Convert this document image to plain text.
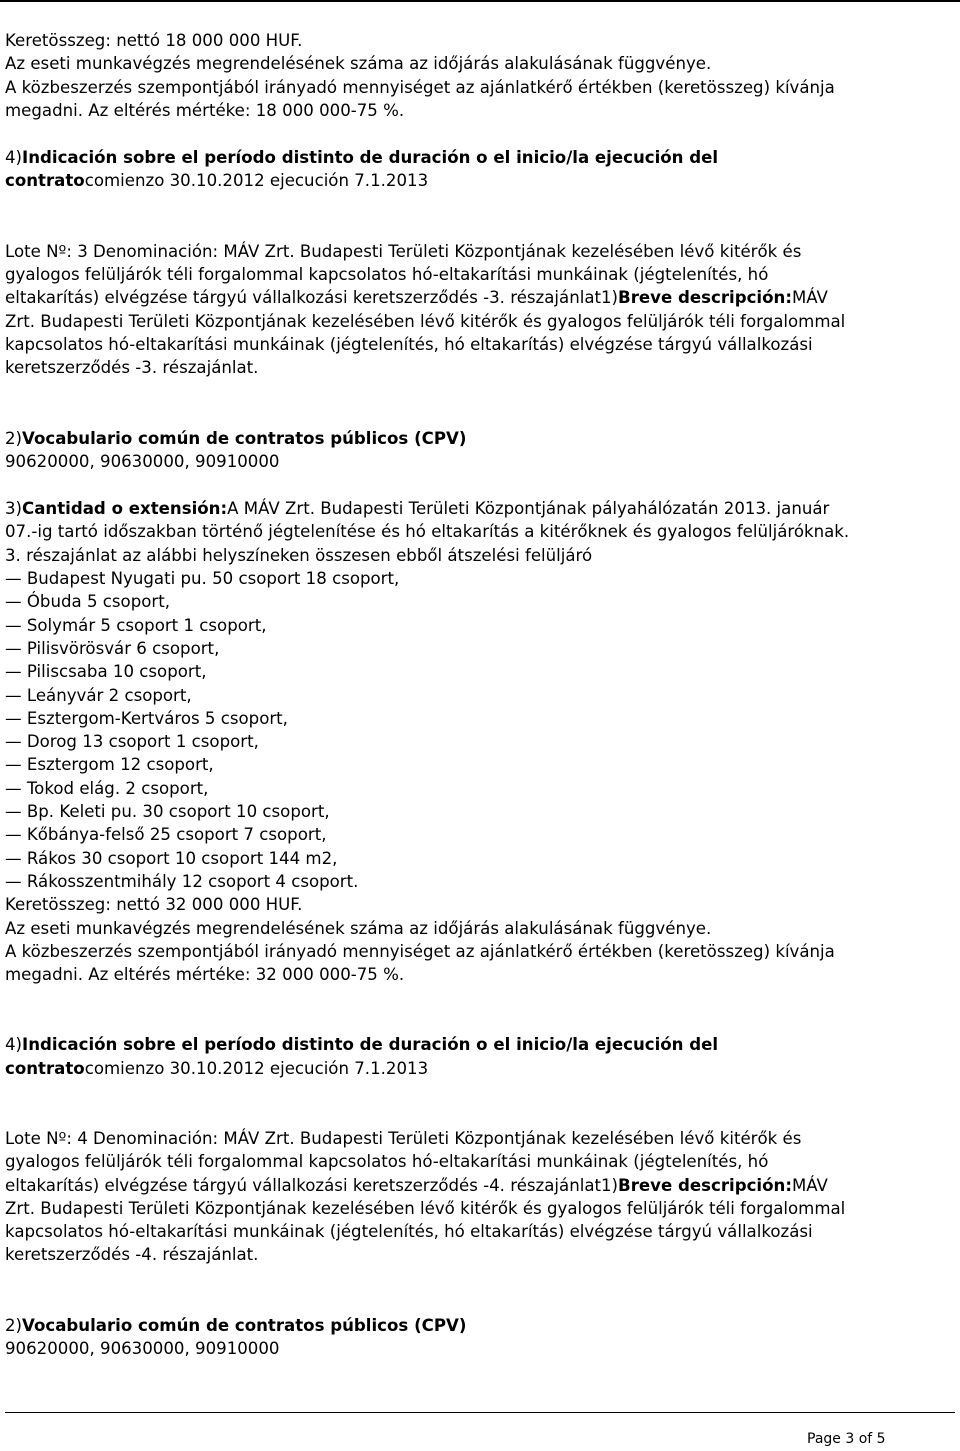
Keretösszeg: nettó 18 000 000 HUF.

Az eseti munkavégzés megrendelésének száma az időjárás alakulásának függvénye.

A közbeszerzés szempontjából irányadó mennyiséget az ajánlatkérő értékben (keretösszeg) kívánja

megadni. Az eltérés mértéke: 18 000 000-75 %.

4)Indicación sobre el período distinto de duración o el inicio/la ejecución del

contratocomienzo 30.10.2012 ejecución 7.1.2013

Lote Nº: 3 Denominación: MÁV Zrt. Budapesti Területi Központjának kezelésében lévő kitérők és

gyalogos felüljárók téli forgalommal kapcsolatos hó-eltakarítási munkáinak (jégtelenítés, hó

eltakarítás) elvégzése tárgyú vállalkozási keretszerződés -3. részajánlat1)Breve descripción:MÁV

Zrt. Budapesti Területi Központjának kezelésében lévő kitérők és gyalogos felüljárók téli forgalommal

kapcsolatos hó-eltakarítási munkáinak (jégtelenítés, hó eltakarítás) elvégzése tárgyú vállalkozási

keretszerződés -3. részajánlat.

2)Vocabulario común de contratos públicos (CPV)

90620000, 90630000, 90910000

3)Cantidad o extensión:A MÁV Zrt. Budapesti Területi Központjának pályahálózatán 2013. január

07.-ig tartó időszakban történő jégtelenítése és hó eltakarítás a kitérőknek és gyalogos felüljáróknak.

3. részajánlat az alábbi helyszíneken összesen ebből átszelési felüljáró

— Budapest Nyugati pu. 50 csoport 18 csoport,

— Óbuda 5 csoport,

— Solymár 5 csoport 1 csoport,

— Pilisvörösvár 6 csoport,

— Piliscsaba 10 csoport,

— Leányvár 2 csoport,

— Esztergom-Kertváros 5 csoport,

— Dorog 13 csoport 1 csoport,

— Esztergom 12 csoport,

— Tokod elág. 2 csoport,

— Bp. Keleti pu. 30 csoport 10 csoport,

— Kőbánya-felső 25 csoport 7 csoport,

— Rákos 30 csoport 10 csoport 144 m2,

— Rákosszentmihály 12 csoport 4 csoport.

Keretösszeg: nettó 32 000 000 HUF.

Az eseti munkavégzés megrendelésének száma az időjárás alakulásának függvénye.

A közbeszerzés szempontjából irányadó mennyiséget az ajánlatkérő értékben (keretösszeg) kívánja

megadni. Az eltérés mértéke: 32 000 000-75 %.

4)Indicación sobre el período distinto de duración o el inicio/la ejecución del

contratocomienzo 30.10.2012 ejecución 7.1.2013

Lote Nº: 4 Denominación: MÁV Zrt. Budapesti Területi Központjának kezelésében lévő kitérők és

gyalogos felüljárók téli forgalommal kapcsolatos hó-eltakarítási munkáinak (jégtelenítés, hó

eltakarítás) elvégzése tárgyú vállalkozási keretszerződés -4. részajánlat1)Breve descripción:MÁV

Zrt. Budapesti Területi Központjának kezelésében lévő kitérők és gyalogos felüljárók téli forgalommal

kapcsolatos hó-eltakarítási munkáinak (jégtelenítés, hó eltakarítás) elvégzése tárgyú vállalkozási

keretszerződés -4. részajánlat.

2)Vocabulario común de contratos públicos (CPV)

90620000, 90630000, 90910000

Page 3 of 5
